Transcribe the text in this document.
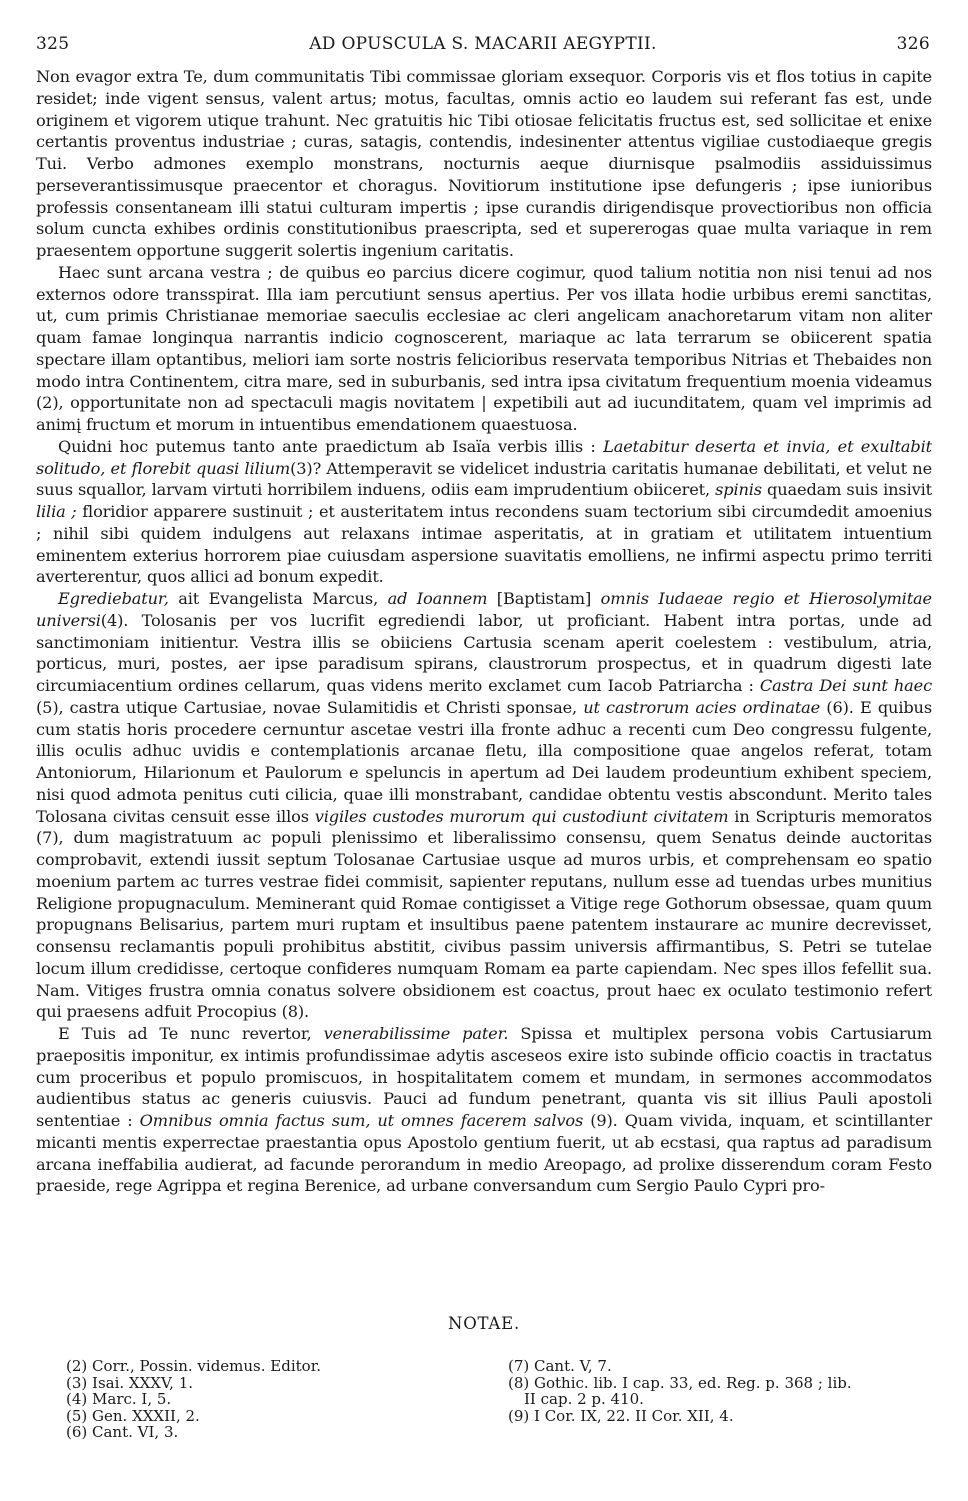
325	AD OPUSCULA S. MACARII AEGYPTII.	326

Non evagor extra Te, dum communitatis Tibi commissae gloriam exsequor. Corporis vis et flos totius in capite residet; inde vigent sensus, valent artus; motus, facultas, omnis actio eo laudem sui referant fas est, unde originem et vigorem utique trahunt. Nec gratuitis hic Tibi otiosae felicitatis fructus est, sed sollicitae et enixe certantis proventus industriae ; curas, satagis, contendis, indesinenter attentus vigiliae custodiaeque gregis Tui. Verbo admones exemplo monstrans, nocturnis aeque diurnisque psalmodiis assiduissimus perseverantissimusque praecentor et choragus. Novitiorum institutione ipse defungeris ; ipse iunioribus professis consentaneam illi statui culturam impertis ; ipse curandis dirigendisque provectioribus non officia solum cuncta exhibes ordinis constitutionibus praescripta, sed et supererogas quae multa variaque in rem praesentem opportune suggerit solertis ingenium caritatis.

Haec sunt arcana vestra ; de quibus eo parcius dicere cogimur, quod talium notitia non nisi tenui ad nos externos odore transspirat. Illa iam percutiunt sensus apertius. Per vos illata hodie urbibus eremi sanctitas, ut, cum primis Christianae memoriae saeculis ecclesiae ac cleri angelicam anachoretarum vitam non aliter quam famae longinqua narrantis indicio cognoscerent, mariaque ac lata terrarum se obiicerent spatia spectare illam optantibus, meliori iam sorte nostris felicioribus reservata temporibus Nitrias et Thebaides non modo intra Continentem, citra mare, sed in suburbanis, sed intra ipsa civitatum frequentium moenia videamus (2), opportunitate non ad spectaculi magis novitatem | expetibili aut ad iucunditatem, quam vel imprimis ad animį fructum et morum in intuentibus emendationem quaestuosa.

Quidni hoc putemus tanto ante praedictum ab Isaïa verbis illis : Laetabitur deserta et invia, et exultabit solitudo, et florebit quasi lilium(3)? Attemperavit se videlicet industria caritatis humanae debilitati, et velut ne suus squallor, larvam virtuti horribilem induens, odiis eam imprudentium obiiceret, spinis quaedam suis insivit lilia ; floridior apparere sustinuit ; et austeritatem intus recondens suam tectorium sibi circumdedit amoenius ; nihil sibi quidem indulgens aut relaxans intimae asperitatis, at in gratiam et utilitatem intuentium eminentem exterius horrorem piae cuiusdam aspersione suavitatis emolliens, ne infirmi aspectu primo territi averterentur, quos allici ad bonum expedit.

Egrediebatur, ait Evangelista Marcus, ad Ioannem [Baptistam] omnis Iudaeae regio et Hierosolymitae universi(4). Tolosanis per vos lucrifit egrediendi labor, ut proficiant. Habent intra portas, unde ad sanctimoniam initientur. Vestra illis se obiiciens Cartusia scenam aperit coelestem : vestibulum, atria, porticus, muri, postes, aer ipse paradisum spirans, claustrorum prospectus, et in quadrum digesti late circumiacentium ordines cellarum, quas videns merito exclamet cum Iacob Patriarcha : Castra Dei sunt haec (5), castra utique Cartusiae, novae Sulamitidis et Christi sponsae, ut castrorum acies ordinatae (6). E quibus cum statis horis procedere cernuntur ascetae vestri illa fronte adhuc a recenti cum Deo congressu fulgente, illis oculis adhuc uvidis e contemplationis arcanae fletu, illa compositione quae angelos referat, totam Antoniorum, Hilarionum et Paulorum e speluncis in apertum ad Dei laudem prodeuntium exhibent speciem, nisi quod admota penitus cuti cilicia, quae illi monstrabant, candidae obtentu vestis abscondunt. Merito tales Tolosana civitas censuit esse illos vigiles custodes murorum qui custodiunt civitatem in Scripturis memoratos (7), dum magistratuum ac populi plenissimo et liberalissimo consensu, quem Senatus deinde auctoritas comprobavit, extendi iussit septum Tolosanae Cartusiae usque ad muros urbis, et comprehensam eo spatio moenium partem ac turres vestrae fidei commisit, sapienter reputans, nullum esse ad tuendas urbes munitius Religione propugnaculum. Meminerant quid Romae contigisset a Vitige rege Gothorum obsessae, quam quum propugnans Belisarius, partem muri ruptam et insultibus paene patentem instaurare ac munire decrevisset, consensu reclamantis populi prohibitus abstitit, civibus passim universis affirmantibus, S. Petri se tutelae locum illum credidisse, certoque confideres numquam Romam ea parte capiendam. Nec spes illos fefellit sua. Nam. Vitiges frustra omnia conatus solvere obsidionem est coactus, prout haec ex oculato testimonio refert qui praesens adfuit Procopius (8).

E Tuis ad Te nunc revertor, venerabilissime pater. Spissa et multiplex persona vobis Cartusiarum praepositis imponitur, ex intimis profundissimae adytis asceseos exire isto subinde officio coactis in tractatus cum proceribus et populo promiscuos, in hospitalitatem comem et mundam, in sermones accommodatos audientibus status ac generis cuiusvis. Pauci ad fundum penetrant, quanta vis sit illius Pauli apostoli sententiae : Omnibus omnia factus sum, ut omnes facerem salvos (9). Quam vivida, inquam, et scintillanter micanti mentis experrectae praestantia opus Apostolo gentium fuerit, ut ab ecstasi, qua raptus ad paradisum arcana ineffabilia audierat, ad facunde perorandum in medio Areopago, ad prolixe disserendum coram Festo praeside, rege Agrippa et regina Berenice, ad urbane conversandum cum Sergio Paulo Cypri pro-

NOTAE.
(2) Corr., Possin. videmus. Editor.
(3) Isai. XXXV, 1.
(4) Marc. I, 5.
(5) Gen. XXXII, 2.
(6) Cant. VI, 3.
(7) Cant. V, 7.
(8) Gothic. lib. I cap. 33, ed. Reg. p. 368 ; lib.
II cap. 2 p. 410.
(9) I Cor. IX, 22. II Cor. XII, 4.
